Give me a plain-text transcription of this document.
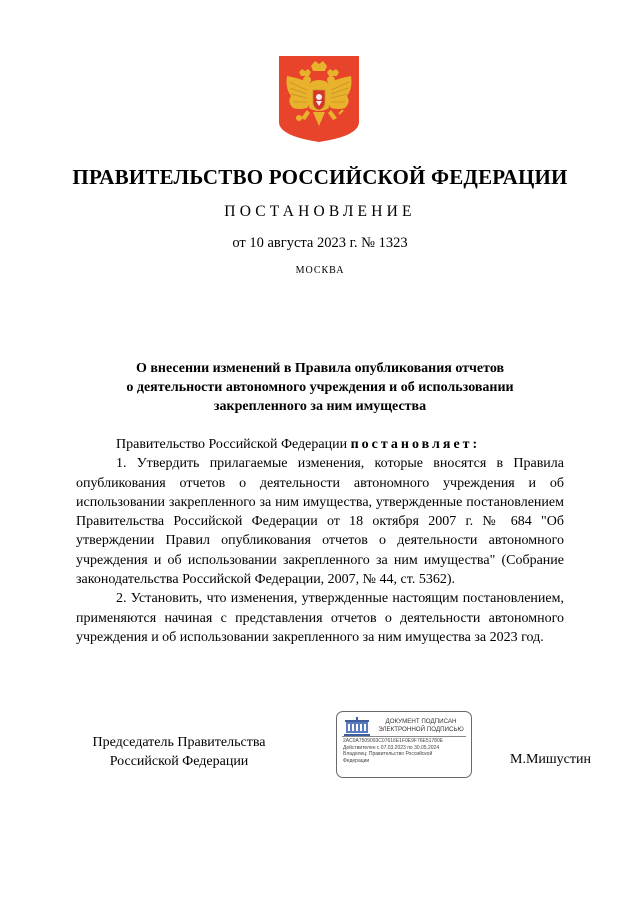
ПРАВИТЕЛЬСТВО РОССИЙСКОЙ ФЕДЕРАЦИИ
ПОСТАНОВЛЕНИЕ
от 10 августа 2023 г. № 1323
МОСКВА
О внесении изменений в Правила опубликования отчетов
о деятельности автономного учреждения и об использовании
закрепленного за ним имущества
Правительство Российской Федерации постановляет:
1. Утвердить прилагаемые изменения, которые вносятся в Правила опубликования отчетов о деятельности автономного учреждения и об использовании закрепленного за ним имущества, утвержденные постановлением Правительства Российской Федерации от 18 октября 2007 г. № 684 "Об утверждении Правил опубликования отчетов о деятельности автономного учреждения и об использовании закрепленного за ним имущества" (Собрание законодательства Российской Федерации, 2007, № 44, ст. 5362).
2. Установить, что изменения, утвержденные настоящим постановлением, применяются начиная с представления отчетов о деятельности автономного учреждения и об использовании закрепленного за ним имущества за 2023 год.
Председатель Правительства
Российской Федерации
ДОКУМЕНТ ПОДПИСАН
ЭЛЕКТРОННОЙ ПОДПИСЬЮ
2AC0A7509093C07616E1F0E9F76E51780E
Действителен с 07.03.2023 по 30.05.2024
Владелец: Правительство Российской
Федерации	М.Мишустин
